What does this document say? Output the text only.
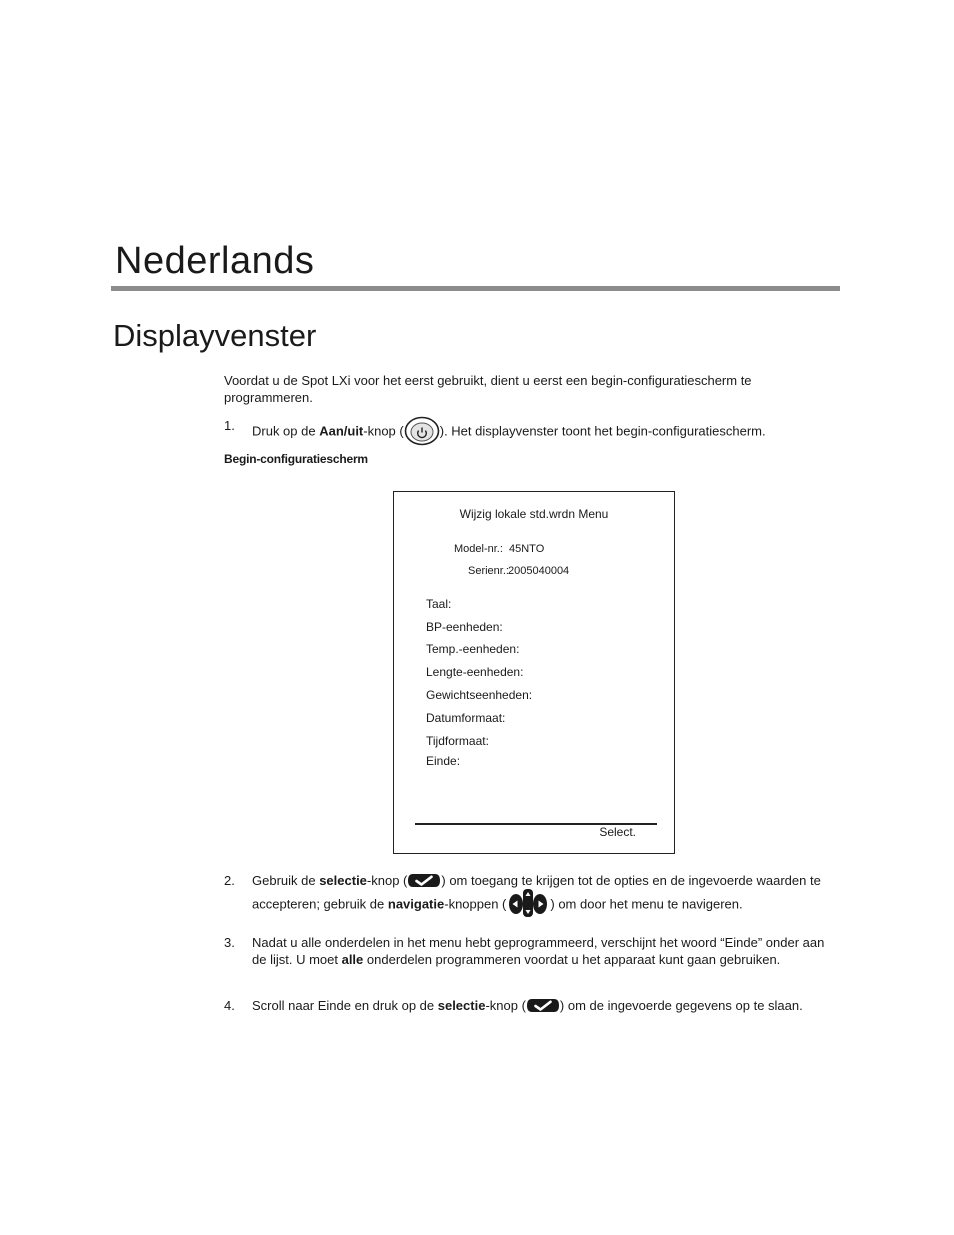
Nederlands
Displayvenster

Voordat u de Spot LXi voor het eerst gebruikt, dient u eerst een begin-configuratiescherm te programmeren.

1. Druk op de Aan/uit-knop (	). Het displayvenster toont het begin-configuratiescherm.

Begin-configuratiescherm

Wijzig lokale std.wrdn Menu
Model-nr.: 45NTO
Serienr.: 2005040004
Taal:
BP-eenheden:
Temp.-eenheden:
Lengte-eenheden:
Gewichtseenheden:
Datumformaat:
Tijdformaat:
Einde:
Select.
2. Gebruik de selectie-knop (	) om toegang te krijgen tot de opties en de ingevoerde waarden te accepteren; gebruik de navigatie-knoppen (	) om door het menu te navigeren.
3. Nadat u alle onderdelen in het menu hebt geprogrammeerd, verschijnt het woord “Einde” onder aan de lijst. U moet alle onderdelen programmeren voordat u het apparaat kunt gaan gebruiken.
4. Scroll naar Einde en druk op de selectie-knop (	) om de ingevoerde gegevens op te slaan.
